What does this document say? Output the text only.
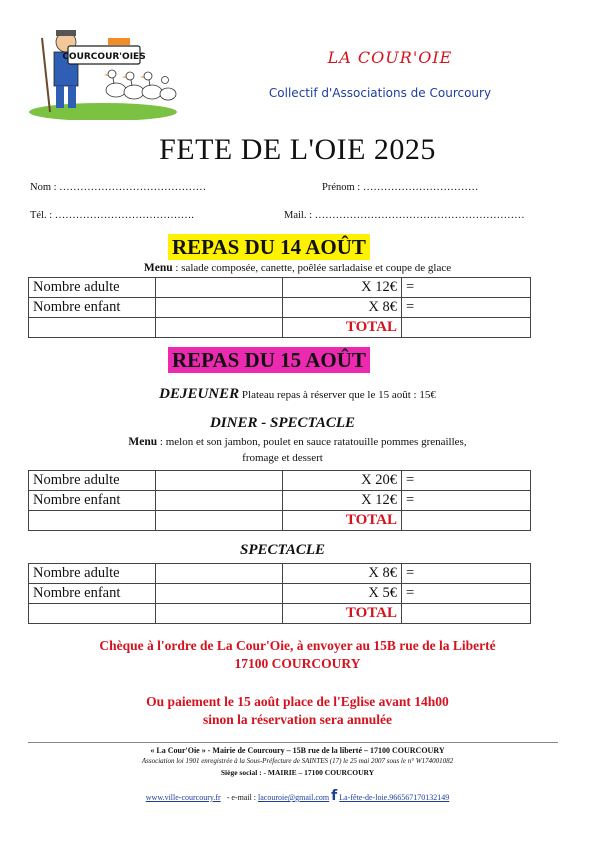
COURCOUR'OIES	LA COUR'OIE
Collectif d'Associations de Courcoury
FETE DE L'OIE 2025
Nom : ……………………………………	Prénom : ……………………………
Tél. : ………………………………….	Mail. : ……………………………………………………
REPAS DU 14 AOÛT
Menu : salade composée, canette, poêlée sarladaise et coupe de glace
Nombre adulte		X 12€	=
Nombre enfant		X 8€	=
		TOTAL	
REPAS DU 15 AOÛT
DEJEUNER Plateau repas à réserver que le 15 août : 15€
DINER - SPECTACLE
Menu : melon et son jambon, poulet en sauce ratatouille pommes grenailles,
fromage et dessert
Nombre adulte		X 20€	=
Nombre enfant		X 12€	=
		TOTAL	
SPECTACLE
Nombre adulte		X 8€	=
Nombre enfant		X 5€	=
		TOTAL	
Chèque à l'ordre de La Cour'Oie, à envoyer au 15B rue de la Liberté
17100 COURCOURY
Ou paiement le 15 août place de l'Eglise avant 14h00
sinon la réservation sera annulée
« La Cour'Oie » - Mairie de Courcoury – 15B rue de la liberté – 17100 COURCOURY
Association loi 1901 enregistrée à la Sous-Préfecture de SAINTES (17) le 25 mai 2007 sous le n° W174001082
Siège social : - MAIRIE – 17100 COURCOURY
www.ville-courcoury.fr - e-mail : lacouroie@gmail.com f La-fête-de-loie.966567170132149
